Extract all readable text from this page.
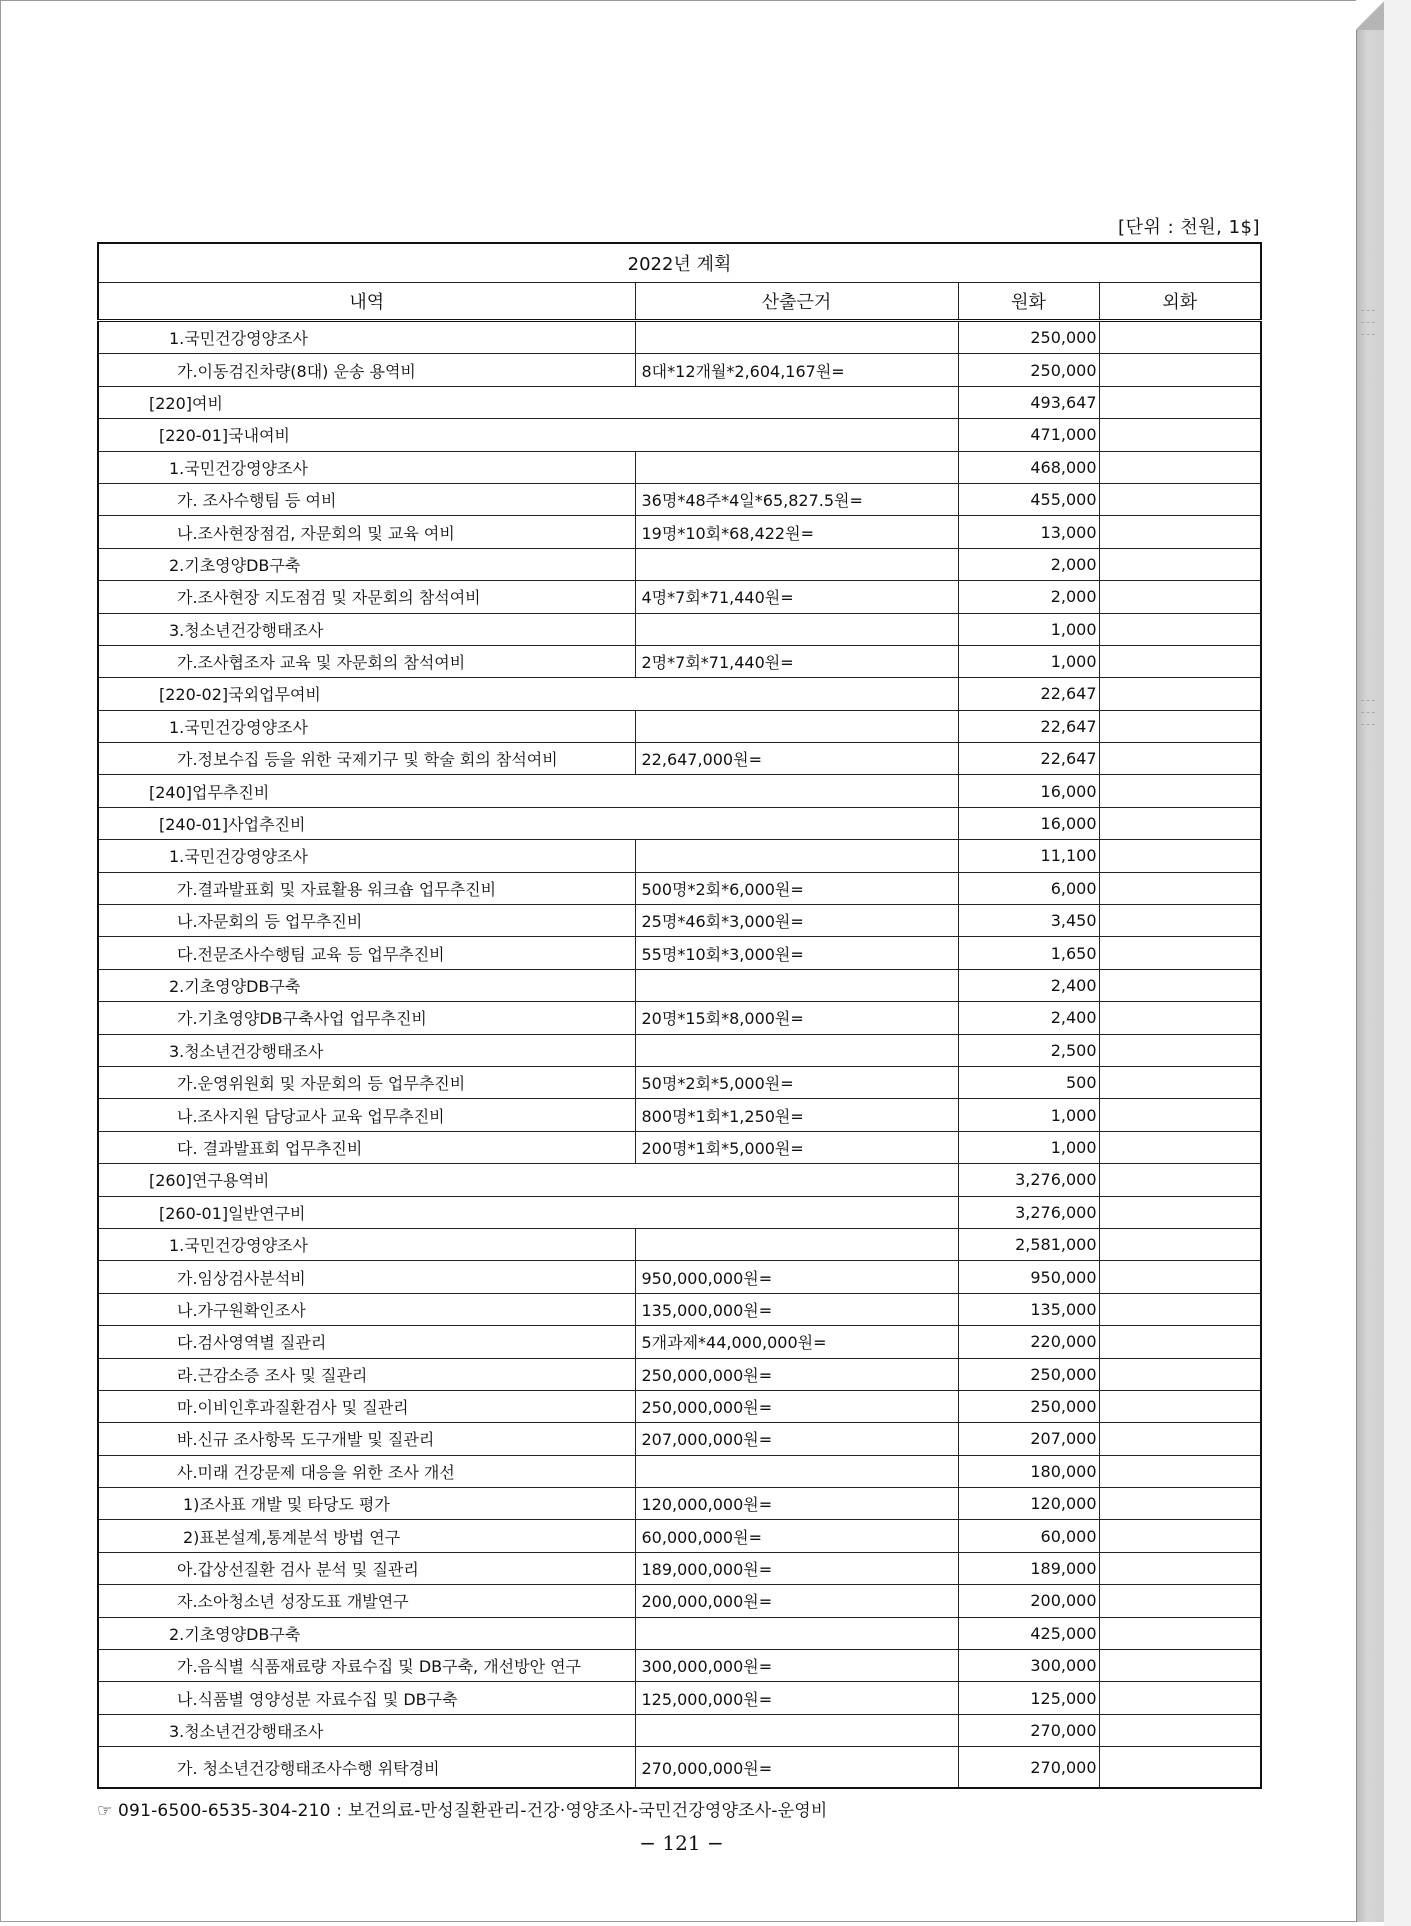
[단위 : 천원, 1$]
2022년 계획			
내역	산출근거	원화	외화
1.국민건강영양조사		250,000	
가.이동검진차량(8대) 운송 용역비	8대*12개월*2,604,167원=	250,000	
[220]여비		493,647	
[220-01]국내여비		471,000	
1.국민건강영양조사		468,000	
가. 조사수행팀 등 여비	36명*48주*4일*65,827.5원=	455,000	
나.조사현장점검, 자문회의 및 교육 여비	19명*10회*68,422원=	13,000	
2.기초영양DB구축		2,000	
가.조사현장 지도점검 및 자문회의 참석여비	4명*7회*71,440원=	2,000	
3.청소년건강행태조사		1,000	
가.조사협조자 교육 및 자문회의 참석여비	2명*7회*71,440원=	1,000	
[220-02]국외업무여비		22,647	
1.국민건강영양조사		22,647	
가.정보수집 등을 위한 국제기구 및 학술 회의 참석여비	22,647,000원=	22,647	
[240]업무추진비		16,000	
[240-01]사업추진비		16,000	
1.국민건강영양조사		11,100	
가.결과발표회 및 자료활용 워크숍 업무추진비	500명*2회*6,000원=	6,000	
나.자문회의 등 업무추진비	25명*46회*3,000원=	3,450	
다.전문조사수행팀 교육 등 업무추진비	55명*10회*3,000원=	1,650	
2.기초영양DB구축		2,400	
가.기초영양DB구축사업 업무추진비	20명*15회*8,000원=	2,400	
3.청소년건강행태조사		2,500	
가.운영위원회 및 자문회의 등 업무추진비	50명*2회*5,000원=	500	
나.조사지원 담당교사 교육 업무추진비	800명*1회*1,250원=	1,000	
다. 결과발표회 업무추진비	200명*1회*5,000원=	1,000	
[260]연구용역비		3,276,000	
[260-01]일반연구비		3,276,000	
1.국민건강영양조사		2,581,000	
가.임상검사분석비	950,000,000원=	950,000	
나.가구원확인조사	135,000,000원=	135,000	
다.검사영역별 질관리	5개과제*44,000,000원=	220,000	
라.근감소증 조사 및 질관리	250,000,000원=	250,000	
마.이비인후과질환검사 및 질관리	250,000,000원=	250,000	
바.신규 조사항목 도구개발 및 질관리	207,000,000원=	207,000	
사.미래 건강문제 대응을 위한 조사 개선		180,000	
1)조사표 개발 및 타당도 평가	120,000,000원=	120,000	
2)표본설계,통계분석 방법 연구	60,000,000원=	60,000	
아.갑상선질환 검사 분석 및 질관리	189,000,000원=	189,000	
자.소아청소년 성장도표 개발연구	200,000,000원=	200,000	
2.기초영양DB구축		425,000	
가.음식별 식품재료량 자료수집 및 DB구축, 개선방안 연구	300,000,000원=	300,000	
나.식품별 영양성분 자료수집 및 DB구축	125,000,000원=	125,000	
3.청소년건강행태조사		270,000	
가. 청소년건강행태조사수행 위탁경비	270,000,000원=	270,000	
☞ 091-6500-6535-304-210 : 보건의료-만성질환관리-건강·영양조사-국민건강영양조사-운영비
− 121 −
